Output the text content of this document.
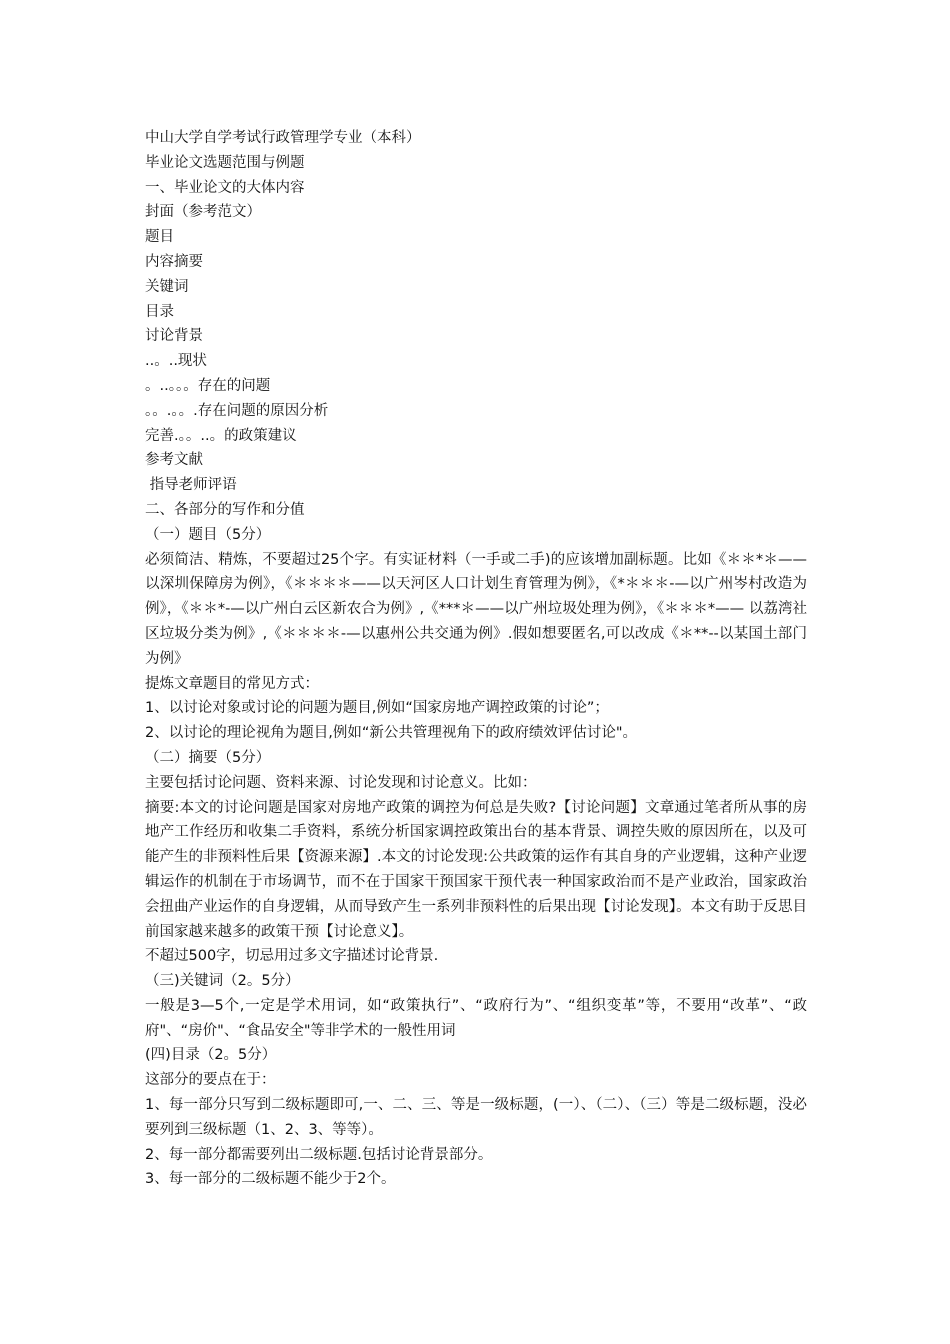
中山大学自学考试行政管理学专业（本科）
毕业论文选题范围与例题
一、毕业论文的大体内容
封面（参考范文）
题目
内容摘要
关键词
目录
讨论背景
..。..现状
。..。。。存在的问题
。。.。。.存在问题的原因分析
完善.。。..。的政策建议
参考文献
指导老师评语
二、各部分的写作和分值
（一）题目（5分）
必须简洁、精炼，不要超过25个字。有实证材料（一手或二手)的应该增加副标题。比如《＊＊*＊——以深圳保障房为例》，《＊＊＊＊——以天河区人口计划生育管理为例》，《*＊＊＊-—以广州岑村改造为例》，《＊＊*-—以广州白云区新农合为例》,《***＊——以广州垃圾处理为例》，《＊＊＊*—— 以荔湾社区垃圾分类为例》,《＊＊＊＊-—以惠州公共交通为例》.假如想要匿名,可以改成《＊**--以某国土部门为例》
提炼文章题目的常见方式：
1、以讨论对象或讨论的问题为题目,例如“国家房地产调控政策的讨论”；
2、以讨论的理论视角为题目,例如“新公共管理视角下的政府绩效评估讨论"。
（二）摘要（5分）
主要包括讨论问题、资料来源、讨论发现和讨论意义。比如：
摘要:本文的讨论问题是国家对房地产政策的调控为何总是失败?【讨论问题】文章通过笔者所从事的房地产工作经历和收集二手资料，系统分析国家调控政策出台的基本背景、调控失败的原因所在，以及可能产生的非预料性后果【资源来源】.本文的讨论发现:公共政策的运作有其自身的产业逻辑，这种产业逻辑运作的机制在于市场调节，而不在于国家干预国家干预代表一种国家政治而不是产业政治，国家政治会扭曲产业运作的自身逻辑，从而导致产生一系列非预料性的后果出现【讨论发现】。本文有助于反思目前国家越来越多的政策干预【讨论意义】。
不超过500字，切忌用过多文字描述讨论背景.
（三)关键词（2。5分）
一般是3—5个,一定是学术用词，如“政策执行”、“政府行为”、“组织变革”等，不要用“改革”、“政府"、“房价"、“食品安全"等非学术的一般性用词
(四)目录（2。5分）
这部分的要点在于：
1、每一部分只写到二级标题即可,一、二、三、等是一级标题，(一）、（二）、（三）等是二级标题，没必要列到三级标题（1、2、3、等等）。
2、每一部分都需要列出二级标题.包括讨论背景部分。
3、每一部分的二级标题不能少于2个。
